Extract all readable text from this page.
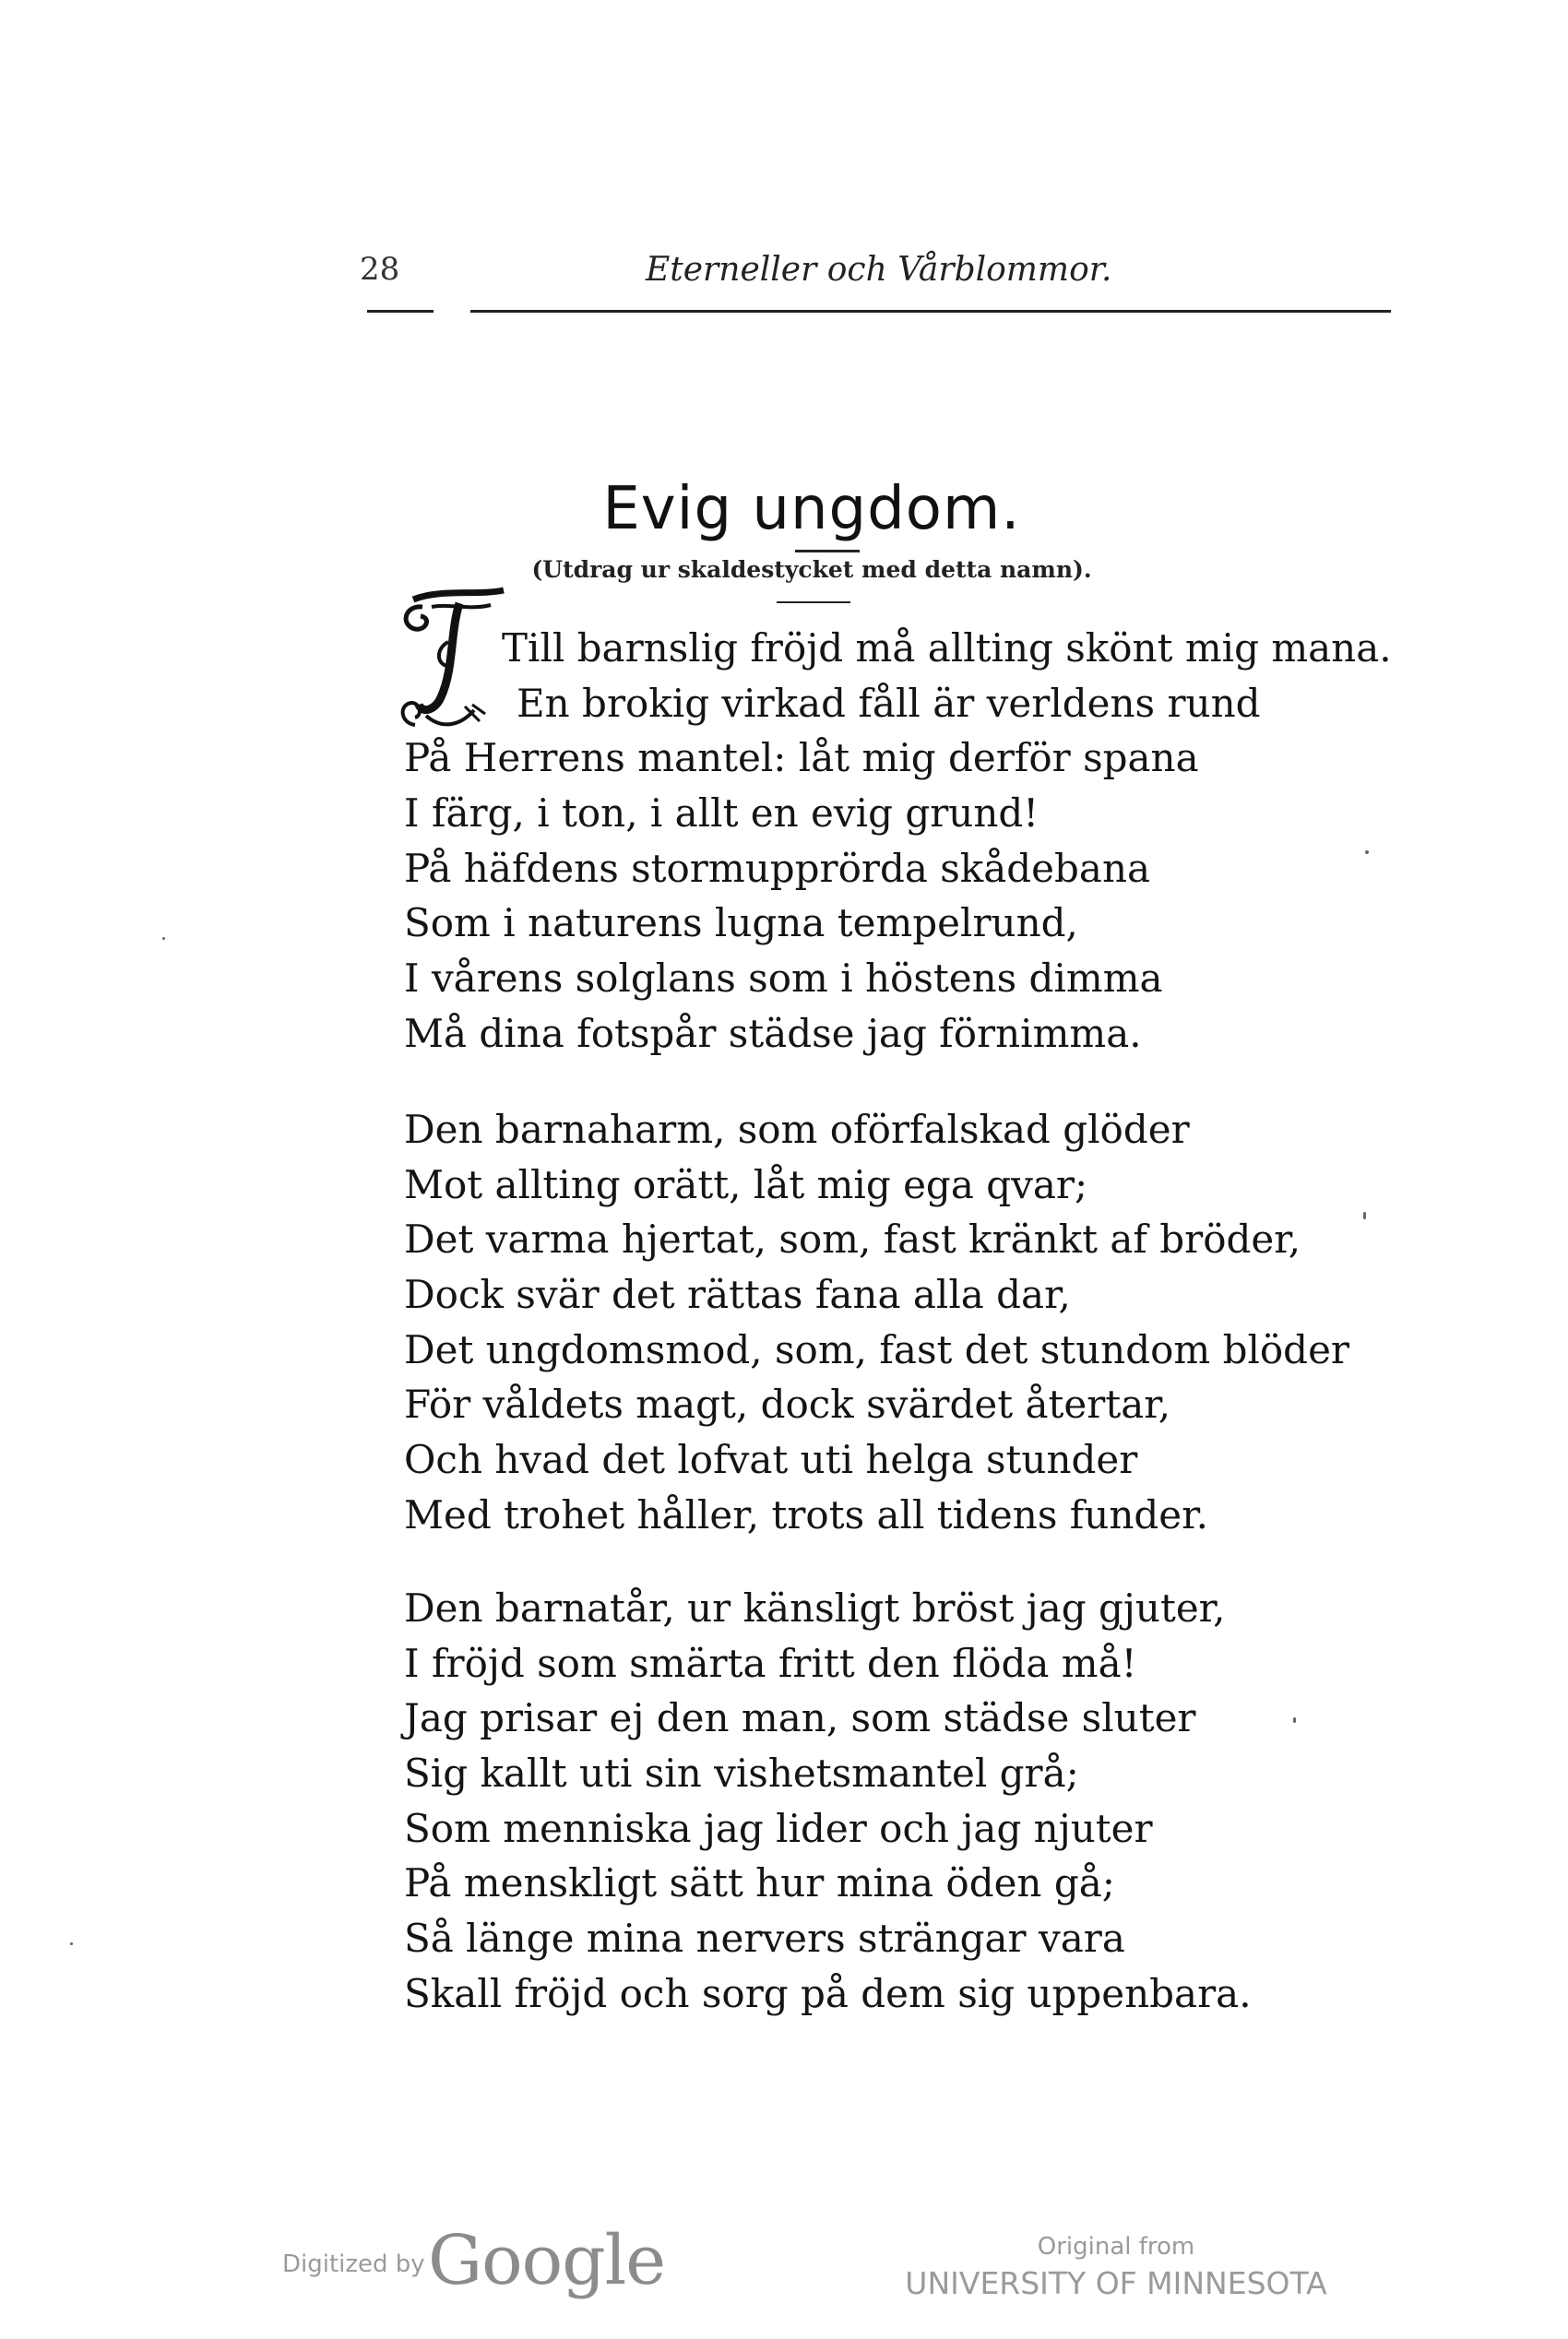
28	Eterneller och Vårblommor.
Evig ungdom.
(Utdrag ur skaldestycket med detta namn).
Till barnslig fröjd må allting skönt mig mana.
En brokig virkad fåll är verldens rund
På Herrens mantel: låt mig derför spana
I färg, i ton, i allt en evig grund!
På häfdens stormupprörda skådebana
Som i naturens lugna tempelrund,
I vårens solglans som i höstens dimma
Må dina fotspår städse jag förnimma.
Den barnaharm, som oförfalskad glöder
Mot allting orätt, låt mig ega qvar;
Det varma hjertat, som, fast kränkt af bröder,
Dock svär det rättas fana alla dar,
Det ungdomsmod, som, fast det stundom blöder
För våldets magt, dock svärdet återtar,
Och hvad det lofvat uti helga stunder
Med trohet håller, trots all tidens funder.
Den barnatår, ur känsligt bröst jag gjuter,
I fröjd som smärta fritt den flöda må!
Jag prisar ej den man, som städse sluter
Sig kallt uti sin vishetsmantel grå;
Som menniska jag lider och jag njuter
På menskligt sätt hur mina öden gå;
Så länge mina nervers strängar vara
Skall fröjd och sorg på dem sig uppenbara.
Digitized by Google	Original from
UNIVERSITY OF MINNESOTA
